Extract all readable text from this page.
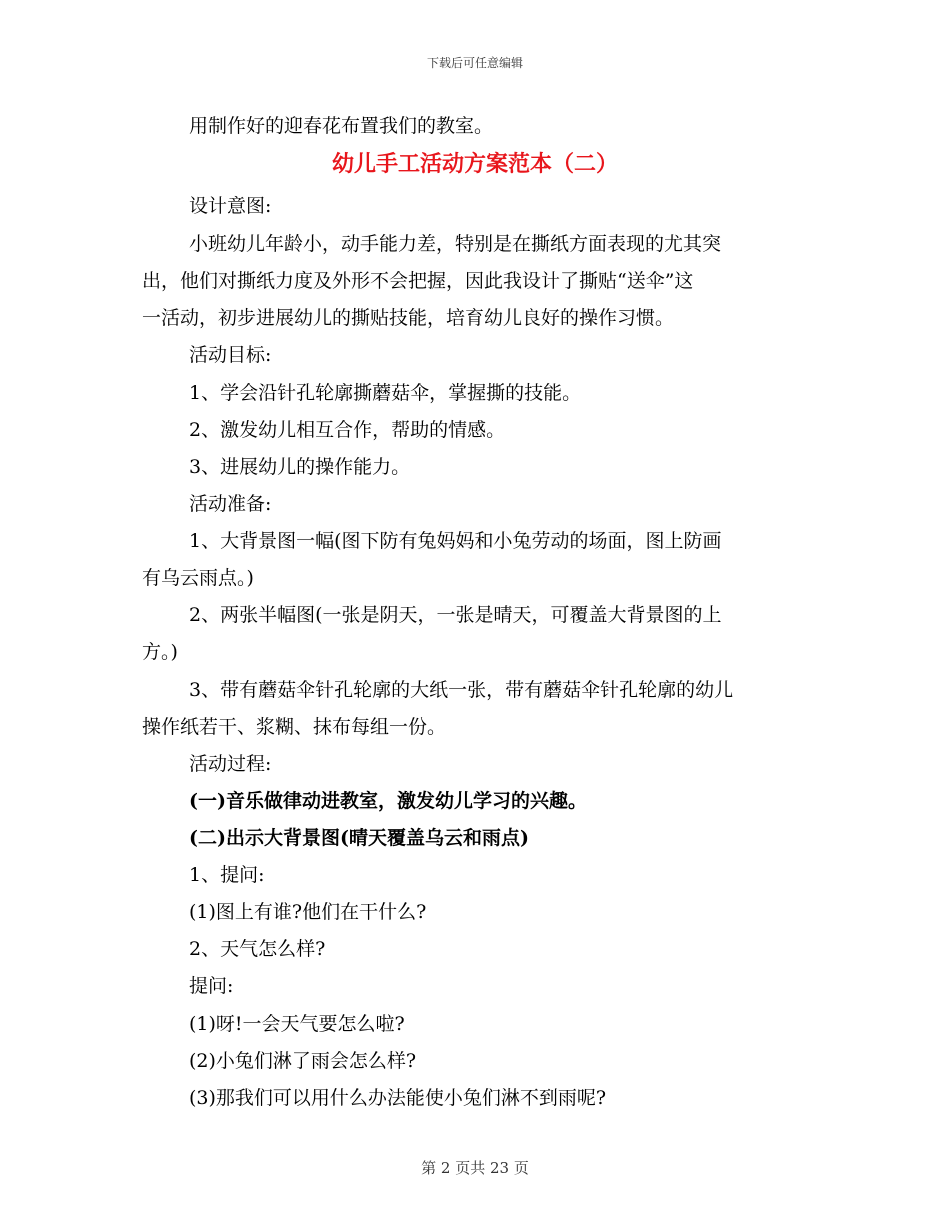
下载后可任意编辑
用制作好的迎春花布置我们的教室。
幼儿手工活动方案范本（二）
设计意图:
小班幼儿年龄小，动手能力差，特别是在撕纸方面表现的尤其突
出，他们对撕纸力度及外形不会把握，因此我设计了撕贴“送伞”这
一活动，初步进展幼儿的撕贴技能，培育幼儿良好的操作习惯。
活动目标:
1、学会沿针孔轮廓撕蘑菇伞，掌握撕的技能。
2、激发幼儿相互合作，帮助的情感。
3、进展幼儿的操作能力。
活动准备:
1、大背景图一幅(图下防有兔妈妈和小兔劳动的场面，图上防画
有乌云雨点。)
2、两张半幅图(一张是阴天，一张是晴天，可覆盖大背景图的上
方。)
3、带有蘑菇伞针孔轮廓的大纸一张，带有蘑菇伞针孔轮廓的幼儿
操作纸若干、浆糊、抹布每组一份。
活动过程:
(一)音乐做律动进教室，激发幼儿学习的兴趣。
(二)出示大背景图(晴天覆盖乌云和雨点)
1、提问:
(1)图上有谁?他们在干什么?
2、天气怎么样?
提问:
(1)呀!一会天气要怎么啦?
(2)小兔们淋了雨会怎么样?
(3)那我们可以用什么办法能使小兔们淋不到雨呢?
第 2 页共 23 页
